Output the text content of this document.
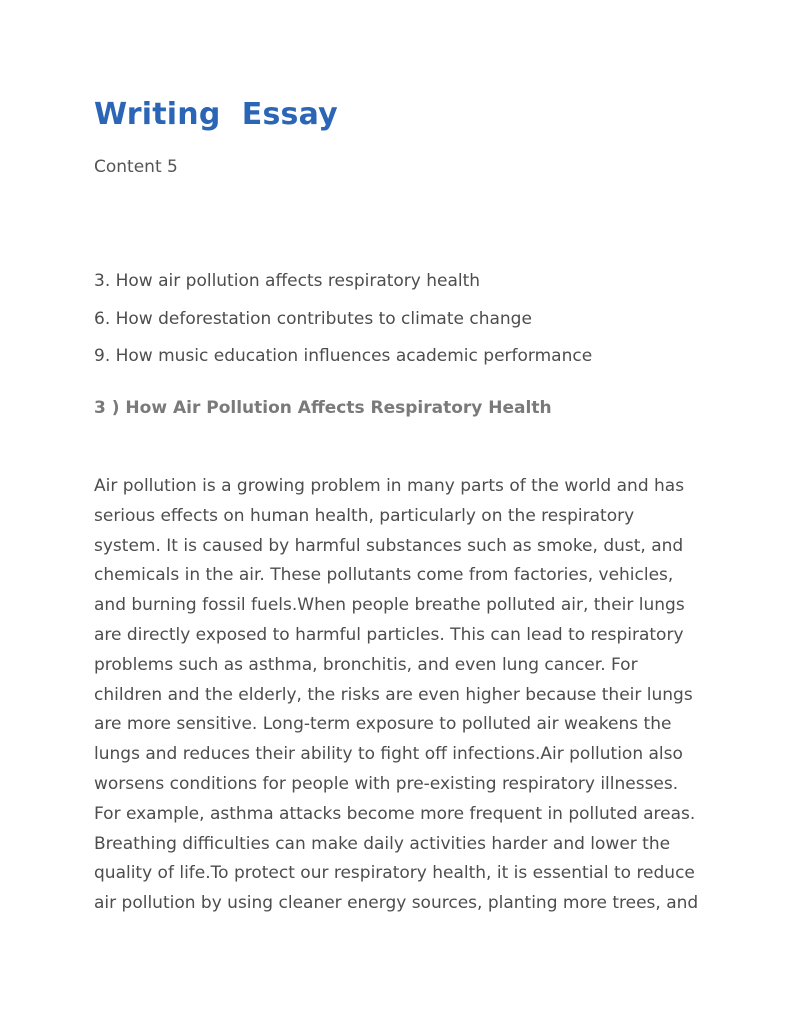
Writing  Essay

Content 5

3. How air pollution affects respiratory health
6. How deforestation contributes to climate change
9. How music education influences academic performance
3 ) How Air Pollution Affects Respiratory Health

Air pollution is a growing problem in many parts of the world and has
serious effects on human health, particularly on the respiratory
system. It is caused by harmful substances such as smoke, dust, and
chemicals in the air. These pollutants come from factories, vehicles,
and burning fossil fuels.When people breathe polluted air, their lungs
are directly exposed to harmful particles. This can lead to respiratory
problems such as asthma, bronchitis, and even lung cancer. For
children and the elderly, the risks are even higher because their lungs
are more sensitive. Long-term exposure to polluted air weakens the
lungs and reduces their ability to fight off infections.Air pollution also
worsens conditions for people with pre-existing respiratory illnesses.
For example, asthma attacks become more frequent in polluted areas.
Breathing difficulties can make daily activities harder and lower the
quality of life.To protect our respiratory health, it is essential to reduce
air pollution by using cleaner energy sources, planting more trees, and
